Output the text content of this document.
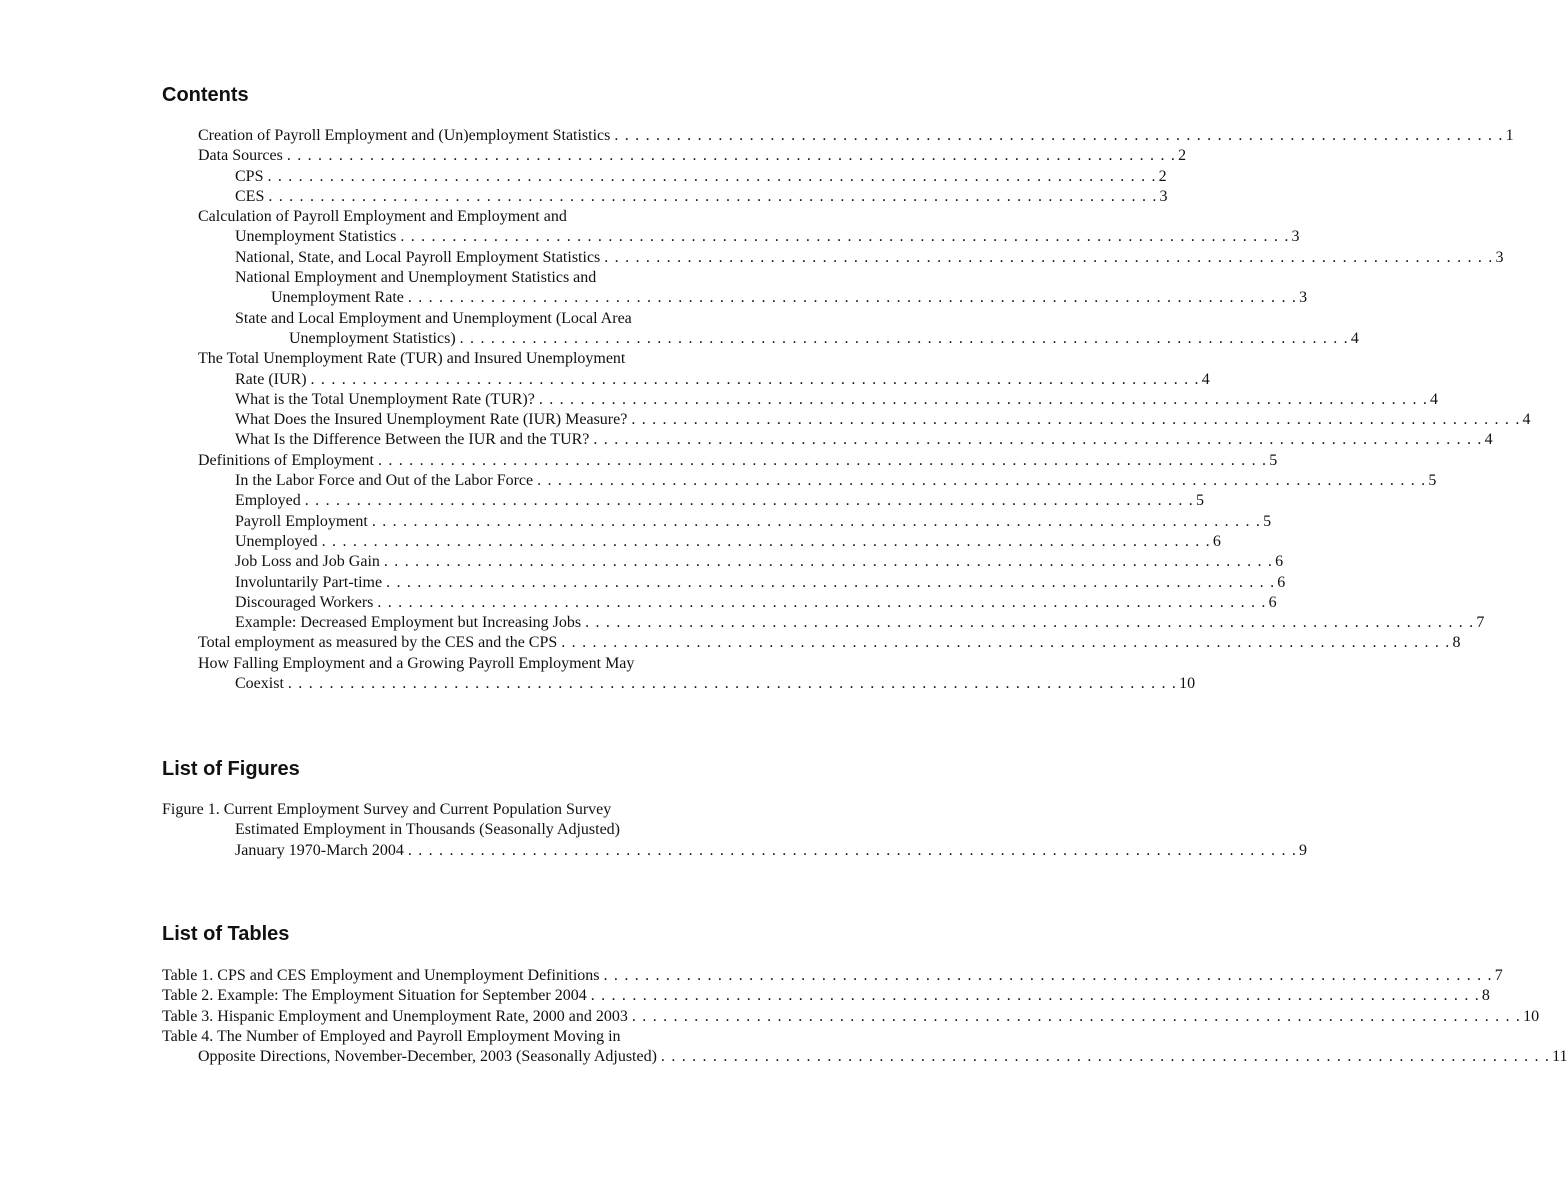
Contents
Creation of Payroll Employment and (Un)employment Statistics . . . . . . . . . . . . . . . . . . . . . . . . . . . . . . . . . . . . . . . . . . . . . . . . . . . . . . . . . . . . . . . . . . . . . . . . . . . . . . . . . . . . . . 1
Data Sources . . . . . . . . . . . . . . . . . . . . . . . . . . . . . . . . . . . . . . . . . . . . . . . . . . . . . . . . . . . . . . . . . . . . . . . . . . . . . . . . . . . . . . 2
CPS . . . . . . . . . . . . . . . . . . . . . . . . . . . . . . . . . . . . . . . . . . . . . . . . . . . . . . . . . . . . . . . . . . . . . . . . . . . . . . . . . . . . . . 2
CES . . . . . . . . . . . . . . . . . . . . . . . . . . . . . . . . . . . . . . . . . . . . . . . . . . . . . . . . . . . . . . . . . . . . . . . . . . . . . . . . . . . . . . 3
Calculation of Payroll Employment and Employment and
Unemployment Statistics . . . . . . . . . . . . . . . . . . . . . . . . . . . . . . . . . . . . . . . . . . . . . . . . . . . . . . . . . . . . . . . . . . . . . . . . . . . . . . . . . . . . . . 3
National, State, and Local Payroll Employment Statistics . . . . . . . . . . . . . . . . . . . . . . . . . . . . . . . . . . . . . . . . . . . . . . . . . . . . . . . . . . . . . . . . . . . . . . . . . . . . . . . . . . . . . . 3
National Employment and Unemployment Statistics and
Unemployment Rate . . . . . . . . . . . . . . . . . . . . . . . . . . . . . . . . . . . . . . . . . . . . . . . . . . . . . . . . . . . . . . . . . . . . . . . . . . . . . . . . . . . . . . 3
State and Local Employment and Unemployment (Local Area
Unemployment Statistics) . . . . . . . . . . . . . . . . . . . . . . . . . . . . . . . . . . . . . . . . . . . . . . . . . . . . . . . . . . . . . . . . . . . . . . . . . . . . . . . . . . . . . . 4
The Total Unemployment Rate (TUR) and Insured Unemployment
Rate (IUR) . . . . . . . . . . . . . . . . . . . . . . . . . . . . . . . . . . . . . . . . . . . . . . . . . . . . . . . . . . . . . . . . . . . . . . . . . . . . . . . . . . . . . . 4
What is the Total Unemployment Rate (TUR)? . . . . . . . . . . . . . . . . . . . . . . . . . . . . . . . . . . . . . . . . . . . . . . . . . . . . . . . . . . . . . . . . . . . . . . . . . . . . . . . . . . . . . . 4
What Does the Insured Unemployment Rate (IUR) Measure? . . . . . . . . . . . . . . . . . . . . . . . . . . . . . . . . . . . . . . . . . . . . . . . . . . . . . . . . . . . . . . . . . . . . . . . . . . . . . . . . . . . . . . 4
What Is the Difference Between the IUR and the TUR? . . . . . . . . . . . . . . . . . . . . . . . . . . . . . . . . . . . . . . . . . . . . . . . . . . . . . . . . . . . . . . . . . . . . . . . . . . . . . . . . . . . . . . 4
Definitions of Employment . . . . . . . . . . . . . . . . . . . . . . . . . . . . . . . . . . . . . . . . . . . . . . . . . . . . . . . . . . . . . . . . . . . . . . . . . . . . . . . . . . . . . . 5
In the Labor Force and Out of the Labor Force . . . . . . . . . . . . . . . . . . . . . . . . . . . . . . . . . . . . . . . . . . . . . . . . . . . . . . . . . . . . . . . . . . . . . . . . . . . . . . . . . . . . . . 5
Employed . . . . . . . . . . . . . . . . . . . . . . . . . . . . . . . . . . . . . . . . . . . . . . . . . . . . . . . . . . . . . . . . . . . . . . . . . . . . . . . . . . . . . . 5
Payroll Employment . . . . . . . . . . . . . . . . . . . . . . . . . . . . . . . . . . . . . . . . . . . . . . . . . . . . . . . . . . . . . . . . . . . . . . . . . . . . . . . . . . . . . . 5
Unemployed . . . . . . . . . . . . . . . . . . . . . . . . . . . . . . . . . . . . . . . . . . . . . . . . . . . . . . . . . . . . . . . . . . . . . . . . . . . . . . . . . . . . . . 6
Job Loss and Job Gain . . . . . . . . . . . . . . . . . . . . . . . . . . . . . . . . . . . . . . . . . . . . . . . . . . . . . . . . . . . . . . . . . . . . . . . . . . . . . . . . . . . . . . 6
Involuntarily Part-time . . . . . . . . . . . . . . . . . . . . . . . . . . . . . . . . . . . . . . . . . . . . . . . . . . . . . . . . . . . . . . . . . . . . . . . . . . . . . . . . . . . . . . 6
Discouraged Workers . . . . . . . . . . . . . . . . . . . . . . . . . . . . . . . . . . . . . . . . . . . . . . . . . . . . . . . . . . . . . . . . . . . . . . . . . . . . . . . . . . . . . . 6
Example: Decreased Employment but Increasing Jobs . . . . . . . . . . . . . . . . . . . . . . . . . . . . . . . . . . . . . . . . . . . . . . . . . . . . . . . . . . . . . . . . . . . . . . . . . . . . . . . . . . . . . . 7
Total employment as measured by the CES and the CPS . . . . . . . . . . . . . . . . . . . . . . . . . . . . . . . . . . . . . . . . . . . . . . . . . . . . . . . . . . . . . . . . . . . . . . . . . . . . . . . . . . . . . . 8
How Falling Employment and a Growing Payroll Employment May
Coexist . . . . . . . . . . . . . . . . . . . . . . . . . . . . . . . . . . . . . . . . . . . . . . . . . . . . . . . . . . . . . . . . . . . . . . . . . . . . . . . . . . . . . . 10
List of Figures
Figure 1. Current Employment Survey and Current Population Survey
Estimated Employment in Thousands (Seasonally Adjusted)
January 1970-March 2004 . . . . . . . . . . . . . . . . . . . . . . . . . . . . . . . . . . . . . . . . . . . . . . . . . . . . . . . . . . . . . . . . . . . . . . . . . . . . . . . . . . . . . . 9
List of Tables
Table 1. CPS and CES Employment and Unemployment Definitions . . . . . . . . . . . . . . . . . . . . . . . . . . . . . . . . . . . . . . . . . . . . . . . . . . . . . . . . . . . . . . . . . . . . . . . . . . . . . . . . . . . . . . 7
Table 2. Example: The Employment Situation for September 2004 . . . . . . . . . . . . . . . . . . . . . . . . . . . . . . . . . . . . . . . . . . . . . . . . . . . . . . . . . . . . . . . . . . . . . . . . . . . . . . . . . . . . . . 8
Table 3. Hispanic Employment and Unemployment Rate, 2000 and 2003 . . . . . . . . . . . . . . . . . . . . . . . . . . . . . . . . . . . . . . . . . . . . . . . . . . . . . . . . . . . . . . . . . . . . . . . . . . . . . . . . . . . . . . 10
Table 4. The Number of Employed and Payroll Employment Moving in
Opposite Directions, November-December, 2003 (Seasonally Adjusted) . . . . . . . . . . . . . . . . . . . . . . . . . . . . . . . . . . . . . . . . . . . . . . . . . . . . . . . . . . . . . . . . . . . . . . . . . . . . . . . . . . . . . . 11
